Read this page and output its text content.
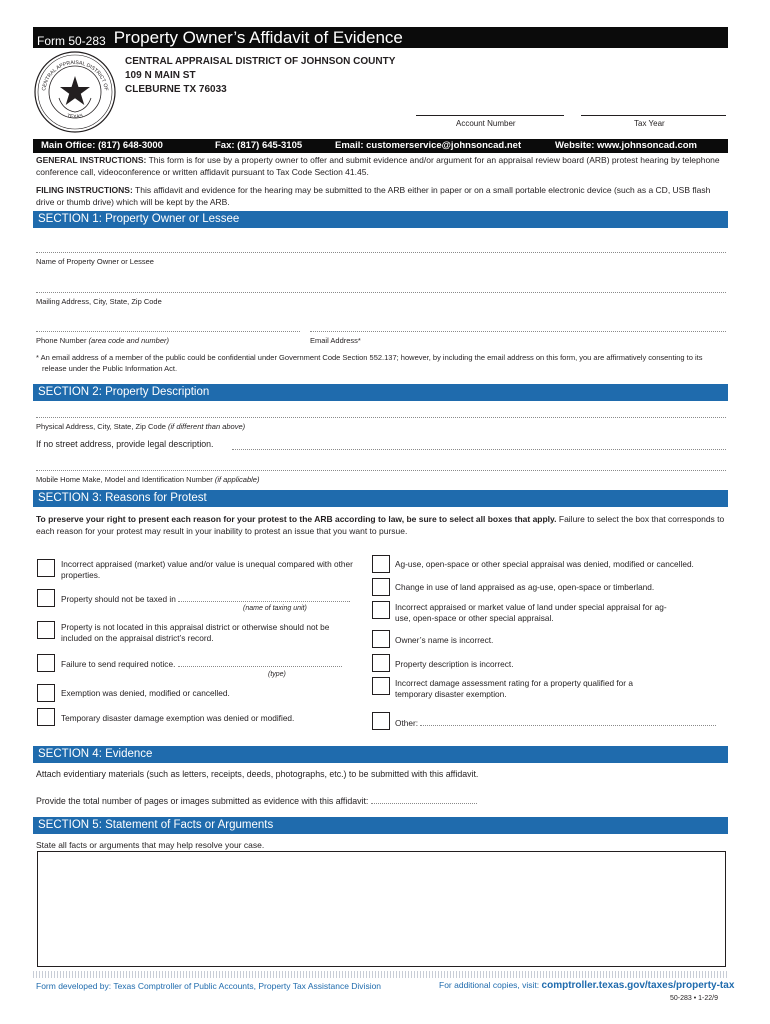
Form 50-283 Property Owner’s Affidavit of Evidence
CENTRAL APPRAISAL DISTRICT OF
TEXAS
CENTRAL APPRAISAL DISTRICT OF JOHNSON COUNTY
109 N MAIN ST
CLEBURNE TX 76033
Account Number	Tax Year
Main Office: (817) 648-3000	Fax: (817) 645-3105	Email: customerservice@johnsoncad.net	Website: www.johnsoncad.com
GENERAL INSTRUCTIONS: This form is for use by a property owner to offer and submit evidence and/or argument for an appraisal review board (ARB) protest hearing by telephone conference call, videoconference or written affidavit pursuant to Tax Code Section 41.45.
FILING INSTRUCTIONS: This affidavit and evidence for the hearing may be submitted to the ARB either in paper or on a small portable electronic device (such as a CD, USB flash drive or thumb drive) which will be kept by the ARB.
SECTION 1: Property Owner or Lessee
Name of Property Owner or Lessee
Mailing Address, City, State, Zip Code
Phone Number (area code and number)	Email Address*
* An email address of a member of the public could be confidential under Government Code Section 552.137; however, by including the email address on this form, you are affirmatively consenting to its release under the Public Information Act.
SECTION 2: Property Description
Physical Address, City, State, Zip Code (if different than above)
If no street address, provide legal description.
Mobile Home Make, Model and Identification Number (if applicable)
SECTION 3: Reasons for Protest
To preserve your right to present each reason for your protest to the ARB according to law, be sure to select all boxes that apply. Failure to select the box that corresponds to each reason for your protest may result in your inability to protest an issue that you want to pursue.
Incorrect appraised (market) value and/or value is unequal compared with other properties.
Property should not be taxed in	.
(name of taxing unit)
Property is not located in this appraisal district or otherwise should not be included on the appraisal district’s record.
Failure to send required notice.
(type)
Exemption was denied, modified or cancelled.
Temporary disaster damage exemption was denied or modified.
Ag-use, open-space or other special appraisal was denied, modified or cancelled.
Change in use of land appraised as ag-use, open-space or timberland.
Incorrect appraised or market value of land under special appraisal for ag-use, open-space or other special appraisal.
Owner’s name is incorrect.
Property description is incorrect.
Incorrect damage assessment rating for a property qualified for a temporary disaster exemption.
Other:
SECTION 4: Evidence
Attach evidentiary materials (such as letters, receipts, deeds, photographs, etc.) to be submitted with this affidavit.
Provide the total number of pages or images submitted as evidence with this affidavit:
SECTION 5: Statement of Facts or Arguments
State all facts or arguments that may help resolve your case.
Form developed by: Texas Comptroller of Public Accounts, Property Tax Assistance Division	For additional copies, visit: comptroller.texas.gov/taxes/property-tax
50-283 • 1-22/9
